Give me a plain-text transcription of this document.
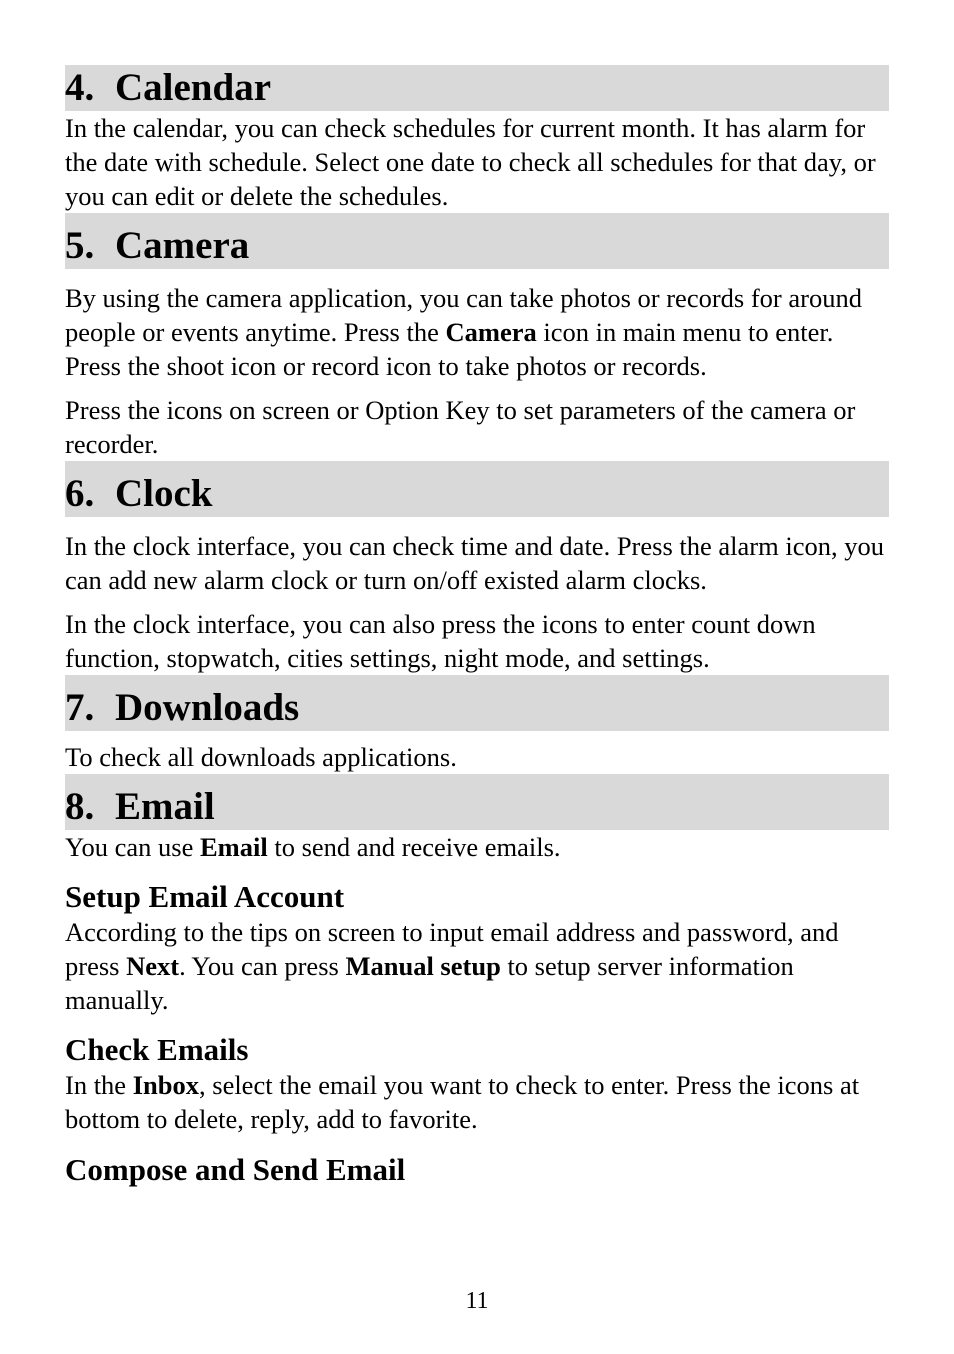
4. Calendar

In the calendar, you can check schedules for current month. It has alarm for the date with schedule. Select one date to check all schedules for that day, or you can edit or delete the schedules.

5. Camera

By using the camera application, you can take photos or records for around people or events anytime. Press the Camera icon in main menu to enter. Press the shoot icon or record icon to take photos or records.

Press the icons on screen or Option Key to set parameters of the camera or recorder.

6. Clock

In the clock interface, you can check time and date. Press the alarm icon, you can add new alarm clock or turn on/off existed alarm clocks.

In the clock interface, you can also press the icons to enter count down function, stopwatch, cities settings, night mode, and settings.

7. Downloads

To check all downloads applications.

8. Email

You can use Email to send and receive emails.

Setup Email Account

According to the tips on screen to input email address and password, and press Next. You can press Manual setup to setup server information manually.

Check Emails

In the Inbox, select the email you want to check to enter. Press the icons at bottom to delete, reply, add to favorite.

Compose and Send Email
11
